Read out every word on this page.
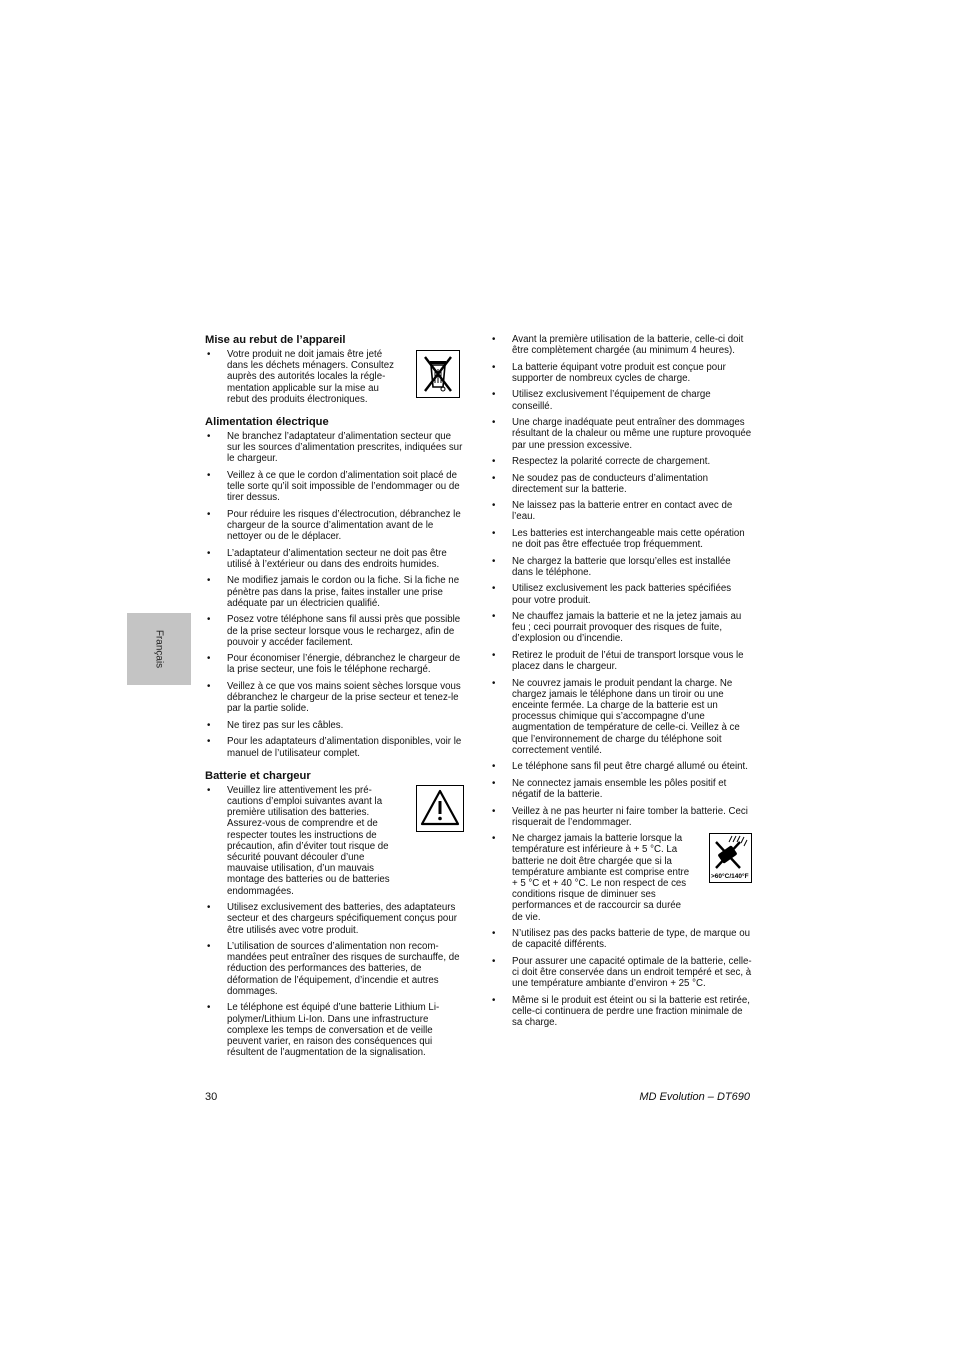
Français
Mise au rebut de l’appareil
• Votre produit ne doit jamais être jeté dans les déchets ménagers. Consultez auprès des autorités locales la réglementation applicable sur la mise au rebut des produits électroniques.
Alimentation électrique
• Ne branchez l’adaptateur d’alimentation secteur que sur les sources d’alimentation prescrites, indiquées sur le chargeur.
• Veillez à ce que le cordon d’alimentation soit placé de telle sorte qu’il soit impossible de l’endommager ou de tirer dessus.
• Pour réduire les risques d’électrocution, débranchez le chargeur de la source d’alimentation avant de le nettoyer ou de le déplacer.
• L’adaptateur d’alimentation secteur ne doit pas être utilisé à l’extérieur ou dans des endroits humides.
• Ne modifiez jamais le cordon ou la fiche. Si la fiche ne pénètre pas dans la prise, faites installer une prise adéquate par un électricien qualifié.
• Posez votre téléphone sans fil aussi près que possible de la prise secteur lorsque vous le rechargez, afin de pouvoir y accéder facilement.
• Pour économiser l’énergie, débranchez le chargeur de la prise secteur, une fois le téléphone rechargé.
• Veillez à ce que vos mains soient sèches lorsque vous débranchez le chargeur de la prise secteur et tenez-le par la partie solide.
• Ne tirez pas sur les câbles.
• Pour les adaptateurs d’alimentation disponibles, voir le manuel de l’utilisateur complet.
Batterie et chargeur
• Veuillez lire attentivement les précautions d’emploi suivantes avant la première utilisation des batteries. Assurez-vous de comprendre et de respecter toutes les instructions de précaution, afin d’éviter tout risque de sécurité pouvant découler d’une mauvaise utilisation, d’un mauvais montage des batteries ou de batteries endommagées.
• Utilisez exclusivement des batteries, des adaptateurs secteur et des chargeurs spécifiquement conçus pour être utilisés avec votre produit.
• L’utilisation de sources d’alimentation non recommandées peut entraîner des risques de surchauffe, de réduction des performances des batteries, de déformation de l’équipement, d’incendie et autres dommages.
• Le téléphone est équipé d’une batterie Lithium Li-polymer/Lithium Li-Ion. Dans une infrastructure complexe les temps de conversation et de veille peuvent varier, en raison des conséquences qui résultent de l’augmentation de la signalisation.
• Avant la première utilisation de la batterie, celle-ci doit être complètement chargée (au minimum 4 heures).
• La batterie équipant votre produit est conçue pour supporter de nombreux cycles de charge.
• Utilisez exclusivement l’équipement de charge conseillé.
• Une charge inadéquate peut entraîner des dommages résultant de la chaleur ou même une rupture provoquée par une pression excessive.
• Respectez la polarité correcte de chargement.
• Ne soudez pas de conducteurs d’alimentation directement sur la batterie.
• Ne laissez pas la batterie entrer en contact avec de l’eau.
• Les batteries est interchangeable mais cette opération ne doit pas être effectuée trop fréquemment.
• Ne chargez la batterie que lorsqu’elles est installée dans le téléphone.
• Utilisez exclusivement les pack batteries spécifiées pour votre produit.
• Ne chauffez jamais la batterie et ne la jetez jamais au feu ; ceci pourrait provoquer des risques de fuite, d’explosion ou d’incendie.
• Retirez le produit de l’étui de transport lorsque vous le placez dans le chargeur.
• Ne couvrez jamais le produit pendant la charge. Ne chargez jamais le téléphone dans un tiroir ou une enceinte fermée. La charge de la batterie est un processus chimique qui s’accompagne d’une augmentation de température de celle-ci. Veillez à ce que l’environnement de charge du téléphone soit correctement ventilé.
• Le téléphone sans fil peut être chargé allumé ou éteint.
• Ne connectez jamais ensemble les pôles positif et négatif de la batterie.
• Veillez à ne pas heurter ni faire tomber la batterie. Ceci risquerait de l’endommager.
• >60°C/140°F
Ne chargez jamais la batterie lorsque la température est inférieure à + 5 °C. La batterie ne doit être chargée que si la température ambiante est comprise entre + 5 °C et + 40 °C. Le non respect de ces conditions risque de diminuer ses performances et de raccourcir sa durée de vie.
• N’utilisez pas des packs batterie de type, de marque ou de capacité différents.
• Pour assurer une capacité optimale de la batterie, celle-ci doit être conservée dans un endroit tempéré et sec, à une température ambiante d’environ + 25 °C.
• Même si le produit est éteint ou si la batterie est retirée, celle-ci continuera de perdre une fraction minimale de sa charge.
30	MD Evolution – DT690
